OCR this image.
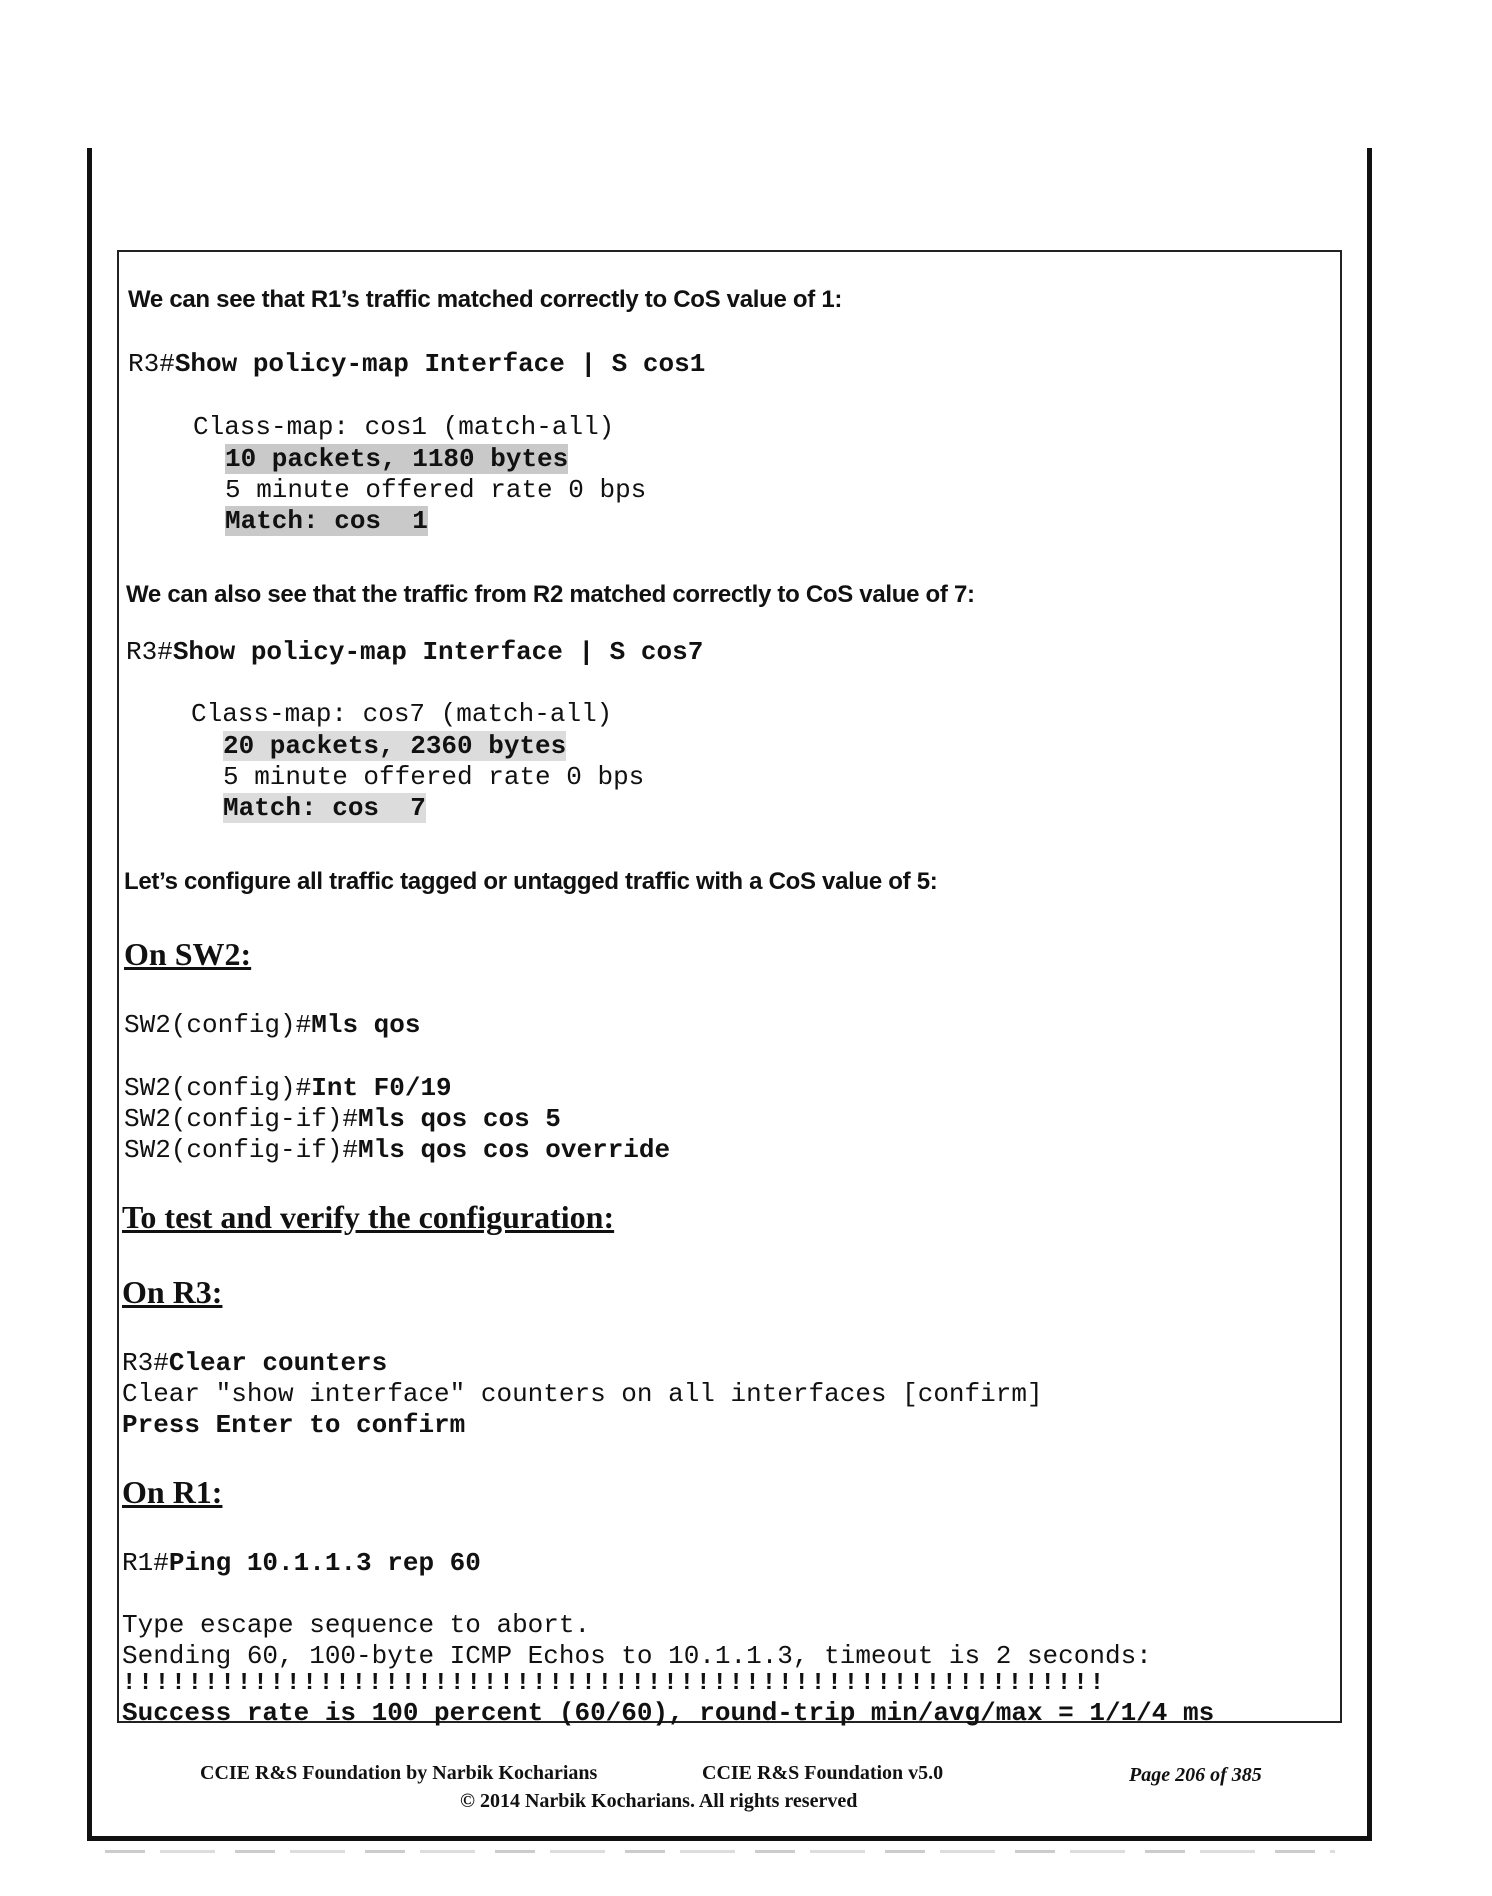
We can see that R1’s traffic matched correctly to CoS value of 1:
R3#Show policy-map Interface | S cos1
Class-map: cos1 (match-all)
10 packets, 1180 bytes
5 minute offered rate 0 bps
Match: cos  1
We can also see that the traffic from R2 matched correctly to CoS value of 7:
R3#Show policy-map Interface | S cos7
Class-map: cos7 (match-all)
20 packets, 2360 bytes
5 minute offered rate 0 bps
Match: cos  7
Let’s configure all traffic tagged or untagged traffic with a CoS value of 5:
On SW2:
SW2(config)#Mls qos
SW2(config)#Int F0/19
SW2(config-if)#Mls qos cos 5
SW2(config-if)#Mls qos cos override
To test and verify the configuration:
On R3:
R3#Clear counters
Clear "show interface" counters on all interfaces [confirm]
Press Enter to confirm
On R1:
R1#Ping 10.1.1.3 rep 60
Type escape sequence to abort.
Sending 60, 100-byte ICMP Echos to 10.1.1.3, timeout is 2 seconds:
!!!!!!!!!!!!!!!!!!!!!!!!!!!!!!!!!!!!!!!!!!!!!!!!!!!!!!!!!!!!
Success rate is 100 percent (60/60), round-trip min/avg/max = 1/1/4 ms
CCIE R&S Foundation by Narbik Kocharians	CCIE R&S Foundation v5.0	Page 206 of 385
© 2014 Narbik Kocharians. All rights reserved
